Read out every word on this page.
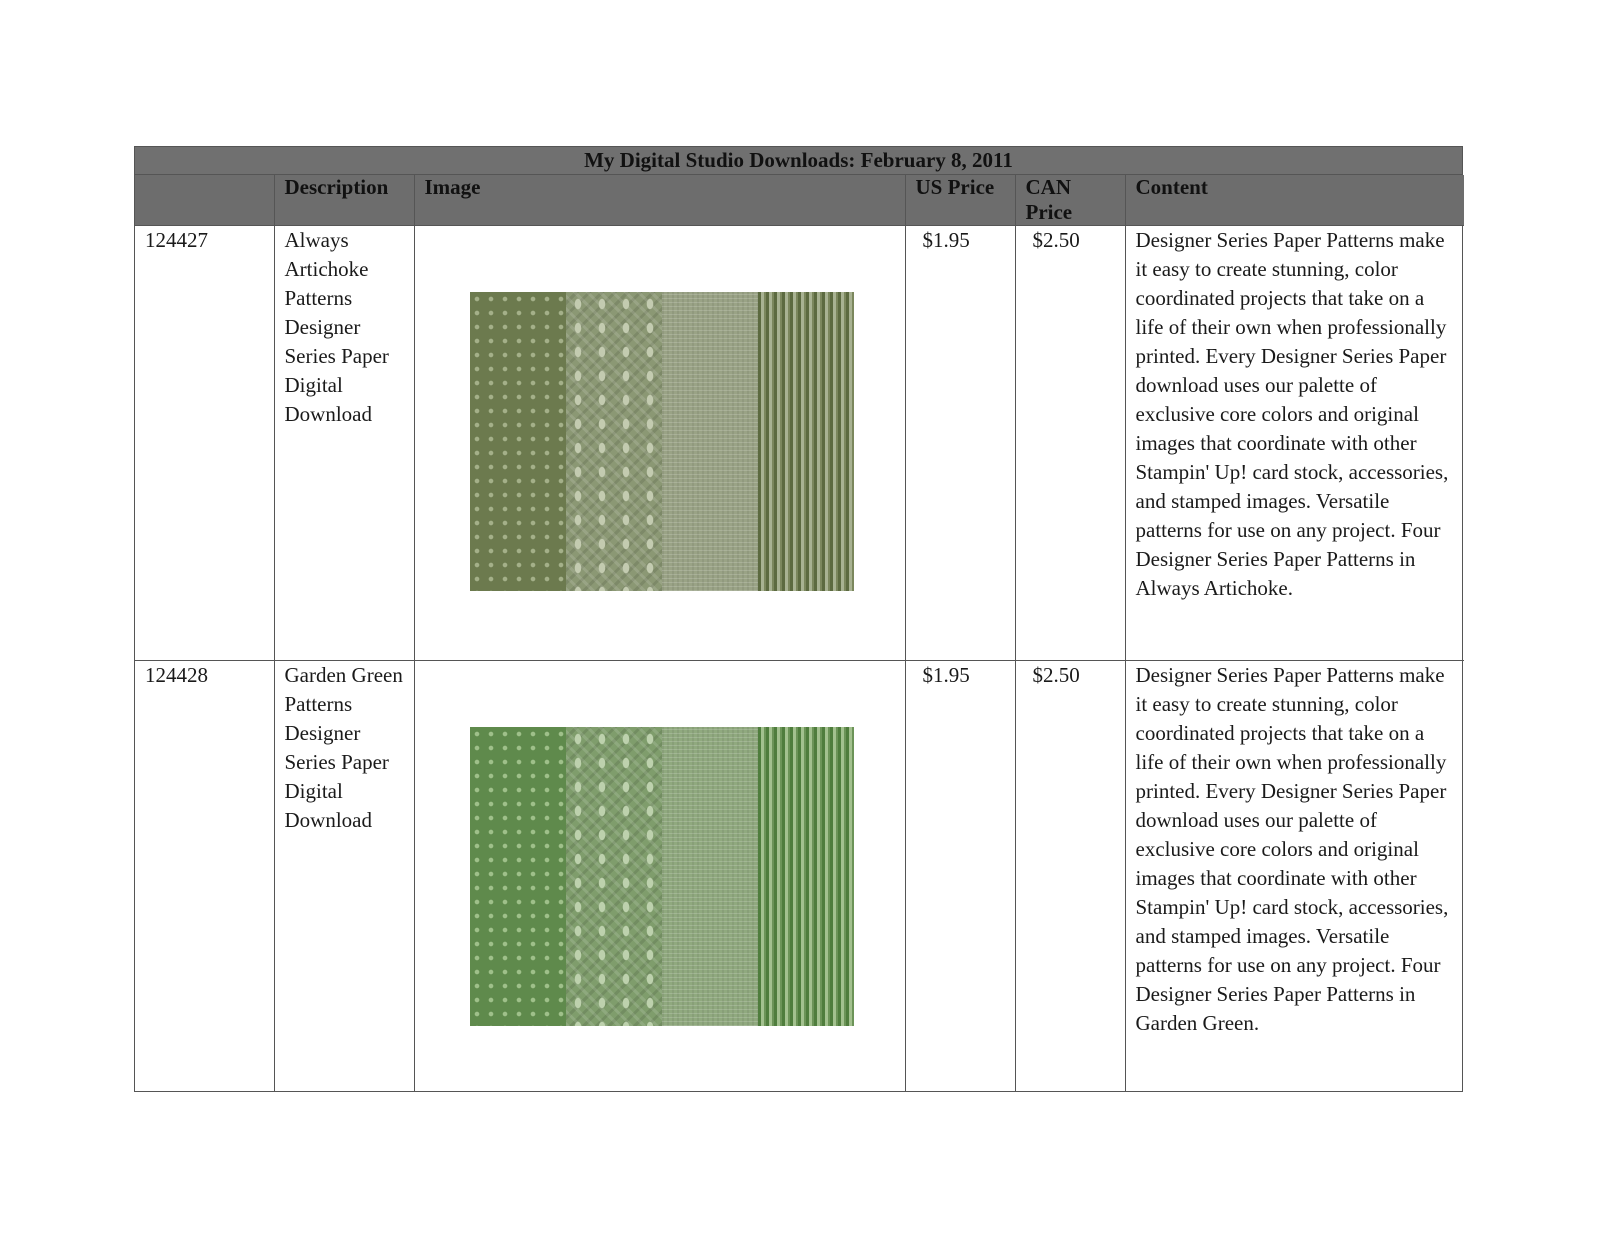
My Digital Studio Downloads: February 8, 2011
	Description	Image	US Price	CAN Price	Content
124427	Always Artichoke Patterns Designer Series Paper Digital Download		$1.95	$2.50	Designer Series Paper Patterns make it easy to create stunning, color coordinated projects that take on a life of their own when professionally printed. Every Designer Series Paper download uses our palette of exclusive core colors and original images that coordinate with other Stampin' Up! card stock, accessories, and stamped images. Versatile patterns for use on any project. Four Designer Series Paper Patterns in Always Artichoke.
124428	Garden Green Patterns Designer Series Paper Digital Download		$1.95	$2.50	Designer Series Paper Patterns make it easy to create stunning, color coordinated projects that take on a life of their own when professionally printed. Every Designer Series Paper download uses our palette of exclusive core colors and original images that coordinate with other Stampin' Up! card stock, accessories, and stamped images. Versatile patterns for use on any project. Four Designer Series Paper Patterns in Garden Green.
